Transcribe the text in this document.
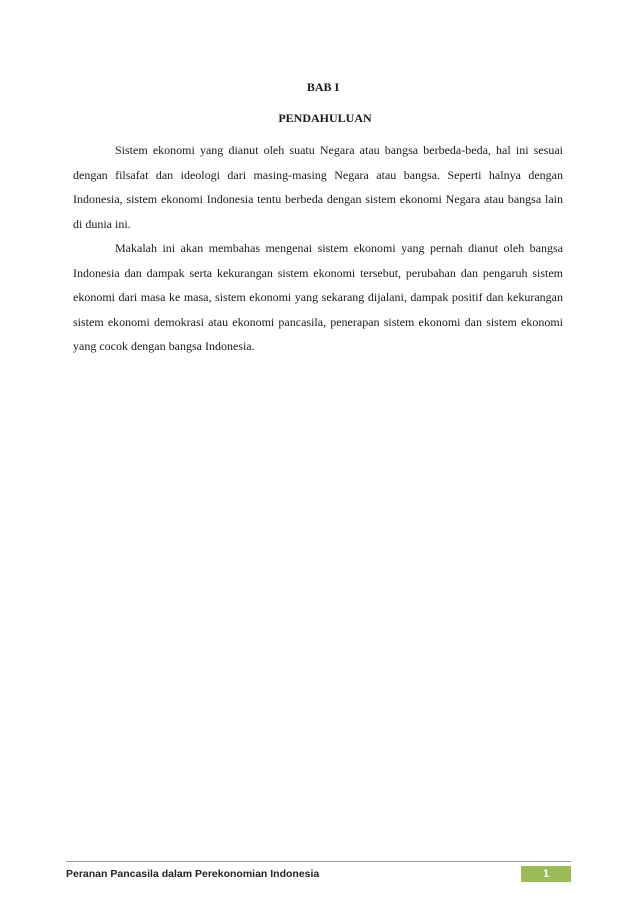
BAB I
PENDAHULUAN

Sistem ekonomi yang dianut oleh suatu Negara atau bangsa berbeda-beda, hal ini sesuai dengan filsafat dan ideologi dari masing-masing Negara atau bangsa. Seperti halnya dengan Indonesia, sistem ekonomi Indonesia tentu berbeda dengan sistem ekonomi Negara atau bangsa lain di dunia ini.

Makalah ini akan membahas mengenai sistem ekonomi yang pernah dianut oleh bangsa Indonesia dan dampak serta kekurangan sistem ekonomi tersebut, perubahan dan pengaruh sistem ekonomi dari masa ke masa, sistem ekonomi yang sekarang dijalani, dampak positif dan kekurangan sistem ekonomi demokrasi atau ekonomi pancasila, penerapan sistem ekonomi dan sistem ekonomi yang cocok dengan bangsa Indonesia.

Peranan Pancasila dalam Perekonomian Indonesia	1
